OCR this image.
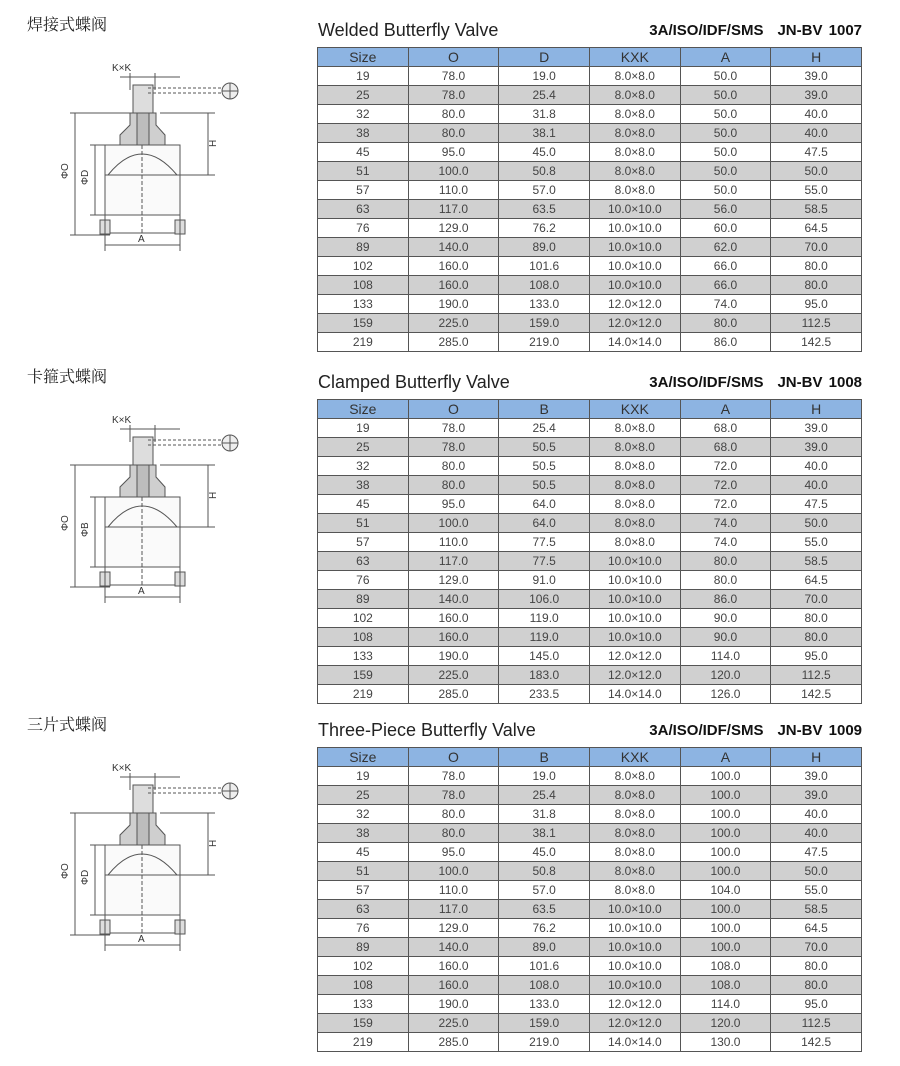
焊接式蝶阀
K×K
ΦO ΦD
H
A
Welded Butterfly Valve	3A/ISO/IDF/SMS JN-BV 1007
Size	O	D	KXK	A	H
19	78.0	19.0	8.0×8.0	50.0	39.0
25	78.0	25.4	8.0×8.0	50.0	39.0
32	80.0	31.8	8.0×8.0	50.0	40.0
38	80.0	38.1	8.0×8.0	50.0	40.0
45	95.0	45.0	8.0×8.0	50.0	47.5
51	100.0	50.8	8.0×8.0	50.0	50.0
57	110.0	57.0	8.0×8.0	50.0	55.0
63	117.0	63.5	10.0×10.0	56.0	58.5
76	129.0	76.2	10.0×10.0	60.0	64.5
89	140.0	89.0	10.0×10.0	62.0	70.0
102	160.0	101.6	10.0×10.0	66.0	80.0
108	160.0	108.0	10.0×10.0	66.0	80.0
133	190.0	133.0	12.0×12.0	74.0	95.0
159	225.0	159.0	12.0×12.0	80.0	112.5
219	285.0	219.0	14.0×14.0	86.0	142.5
卡箍式蝶阀
K×K
ΦO ΦB
H
A
Clamped Butterfly Valve	3A/ISO/IDF/SMS JN-BV 1008
Size	O	B	KXK	A	H
19	78.0	25.4	8.0×8.0	68.0	39.0
25	78.0	50.5	8.0×8.0	68.0	39.0
32	80.0	50.5	8.0×8.0	72.0	40.0
38	80.0	50.5	8.0×8.0	72.0	40.0
45	95.0	64.0	8.0×8.0	72.0	47.5
51	100.0	64.0	8.0×8.0	74.0	50.0
57	110.0	77.5	8.0×8.0	74.0	55.0
63	117.0	77.5	10.0×10.0	80.0	58.5
76	129.0	91.0	10.0×10.0	80.0	64.5
89	140.0	106.0	10.0×10.0	86.0	70.0
102	160.0	119.0	10.0×10.0	90.0	80.0
108	160.0	119.0	10.0×10.0	90.0	80.0
133	190.0	145.0	12.0×12.0	114.0	95.0
159	225.0	183.0	12.0×12.0	120.0	112.5
219	285.0	233.5	14.0×14.0	126.0	142.5
三片式蝶阀
K×K
ΦO ΦD
H
A
Three-Piece Butterfly Valve	3A/ISO/IDF/SMS JN-BV 1009
Size	O	B	KXK	A	H
19	78.0	19.0	8.0×8.0	100.0	39.0
25	78.0	25.4	8.0×8.0	100.0	39.0
32	80.0	31.8	8.0×8.0	100.0	40.0
38	80.0	38.1	8.0×8.0	100.0	40.0
45	95.0	45.0	8.0×8.0	100.0	47.5
51	100.0	50.8	8.0×8.0	100.0	50.0
57	110.0	57.0	8.0×8.0	104.0	55.0
63	117.0	63.5	10.0×10.0	100.0	58.5
76	129.0	76.2	10.0×10.0	100.0	64.5
89	140.0	89.0	10.0×10.0	100.0	70.0
102	160.0	101.6	10.0×10.0	108.0	80.0
108	160.0	108.0	10.0×10.0	108.0	80.0
133	190.0	133.0	12.0×12.0	114.0	95.0
159	225.0	159.0	12.0×12.0	120.0	112.5
219	285.0	219.0	14.0×14.0	130.0	142.5
